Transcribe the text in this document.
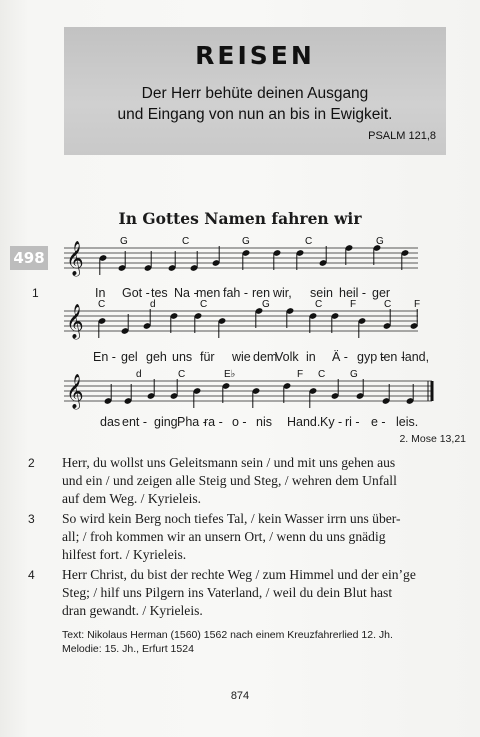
REISEN
Der Herr behüte deinen Ausgang
und Eingang von nun an bis in Ewigkeit.
PSALM 121,8
In Gottes Namen fahren wir
498
1
𝄞
𝄞
𝄞
G	C	G	C	G
C	d	C	G	C	F	C F
d	C	E♭	F C G
In Got - tes Na -
men fah - ren wir, sein heil - ger
En - gel geh uns für wie dem
Volk in Ä - gyp -
ten -
land,
das ent - ging Pha -
ra - o - nis Hand. Ky - ri - e - leis.
2. Mose 13,21
2 Herr, du wollst uns Geleitsmann sein / und mit uns gehen aus
und ein / und zeigen alle Steig und Steg, / wehren dem Unfall
auf dem Weg. / Kyrieleis.
3 So wird kein Berg noch tiefes Tal, / kein Wasser irrn uns über-
all; / froh kommen wir an unsern Ort, / wenn du uns gnädig
hilfest fort. / Kyrieleis.
4 Herr Christ, du bist der rechte Weg / zum Himmel und der ein’ge
Steg; / hilf uns Pilgern ins Vaterland, / weil du dein Blut hast
dran gewandt. / Kyrieleis.
Text: Nikolaus Herman (1560) 1562 nach einem Kreuzfahrerlied 12. Jh.
Melodie: 15. Jh., Erfurt 1524
874
